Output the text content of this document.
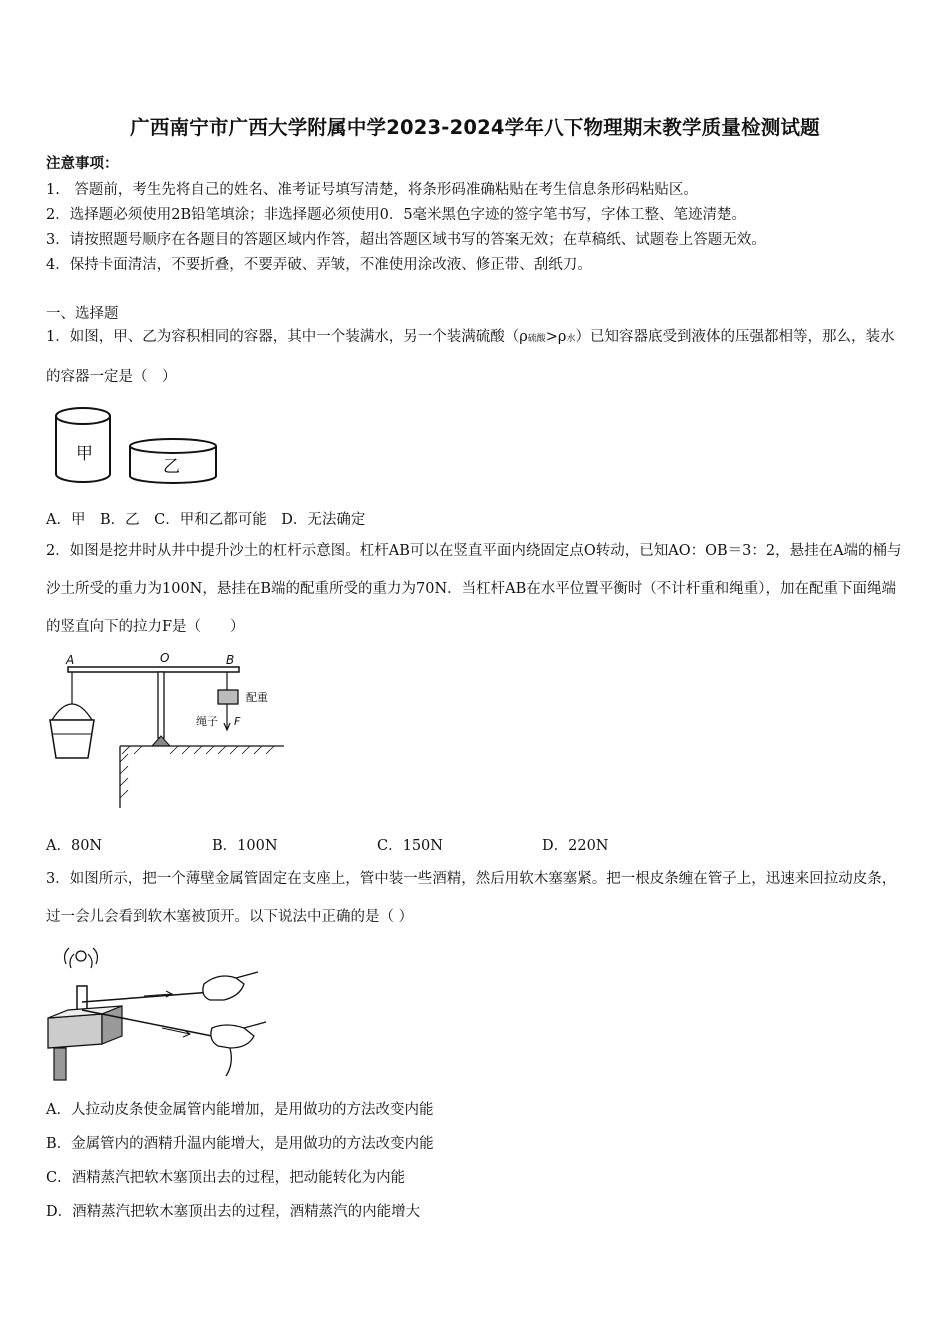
广西南宁市广西大学附属中学2023-2024学年八下物理期末教学质量检测试题
注意事项：
1.　答题前，考生先将自己的姓名、准考证号填写清楚，将条形码准确粘贴在考生信息条形码粘贴区。
2．选择题必须使用2B铅笔填涂；非选择题必须使用0．5毫米黑色字迹的签字笔书写，字体工整、笔迹清楚。
3．请按照题号顺序在各题目的答题区域内作答，超出答题区域书写的答案无效；在草稿纸、试题卷上答题无效。
4．保持卡面清洁，不要折叠，不要弄破、弄皱，不准使用涂改液、修正带、刮纸刀。
一、选择题
1．如图，甲、乙为容积相同的容器，其中一个装满水，另一个装满硫酸（ρ硫酸>ρ水）已知容器底受到液体的压强都相等，那么，装水的容器一定是（　）
甲
乙
A．甲　B．乙　C．甲和乙都可能　D．无法确定
2．如图是挖井时从井中提升沙土的杠杆示意图。杠杆AB可以在竖直平面内绕固定点O转动，已知AO：OB＝3：2，悬挂在A端的桶与沙土所受的重力为100N，悬挂在B端的配重所受的重力为70N．当杠杆AB在水平位置平衡时（不计杆重和绳重），加在配重下面绳端的竖直向下的拉力F是（　　）
A	O	B
配重
绳子 F
A．80N	B．100N	C．150N	D．220N
3．如图所示，把一个薄壁金属管固定在支座上，管中装一些酒精，然后用软木塞塞紧。把一根皮条缠在管子上，迅速来回拉动皮条，过一会儿会看到软木塞被顶开。以下说法中正确的是（ ）
A．人拉动皮条使金属管内能增加，是用做功的方法改变内能
B．金属管内的酒精升温内能增大，是用做功的方法改变内能
C．酒精蒸汽把软木塞顶出去的过程，把动能转化为内能
D．酒精蒸汽把软木塞顶出去的过程，酒精蒸汽的内能增大
